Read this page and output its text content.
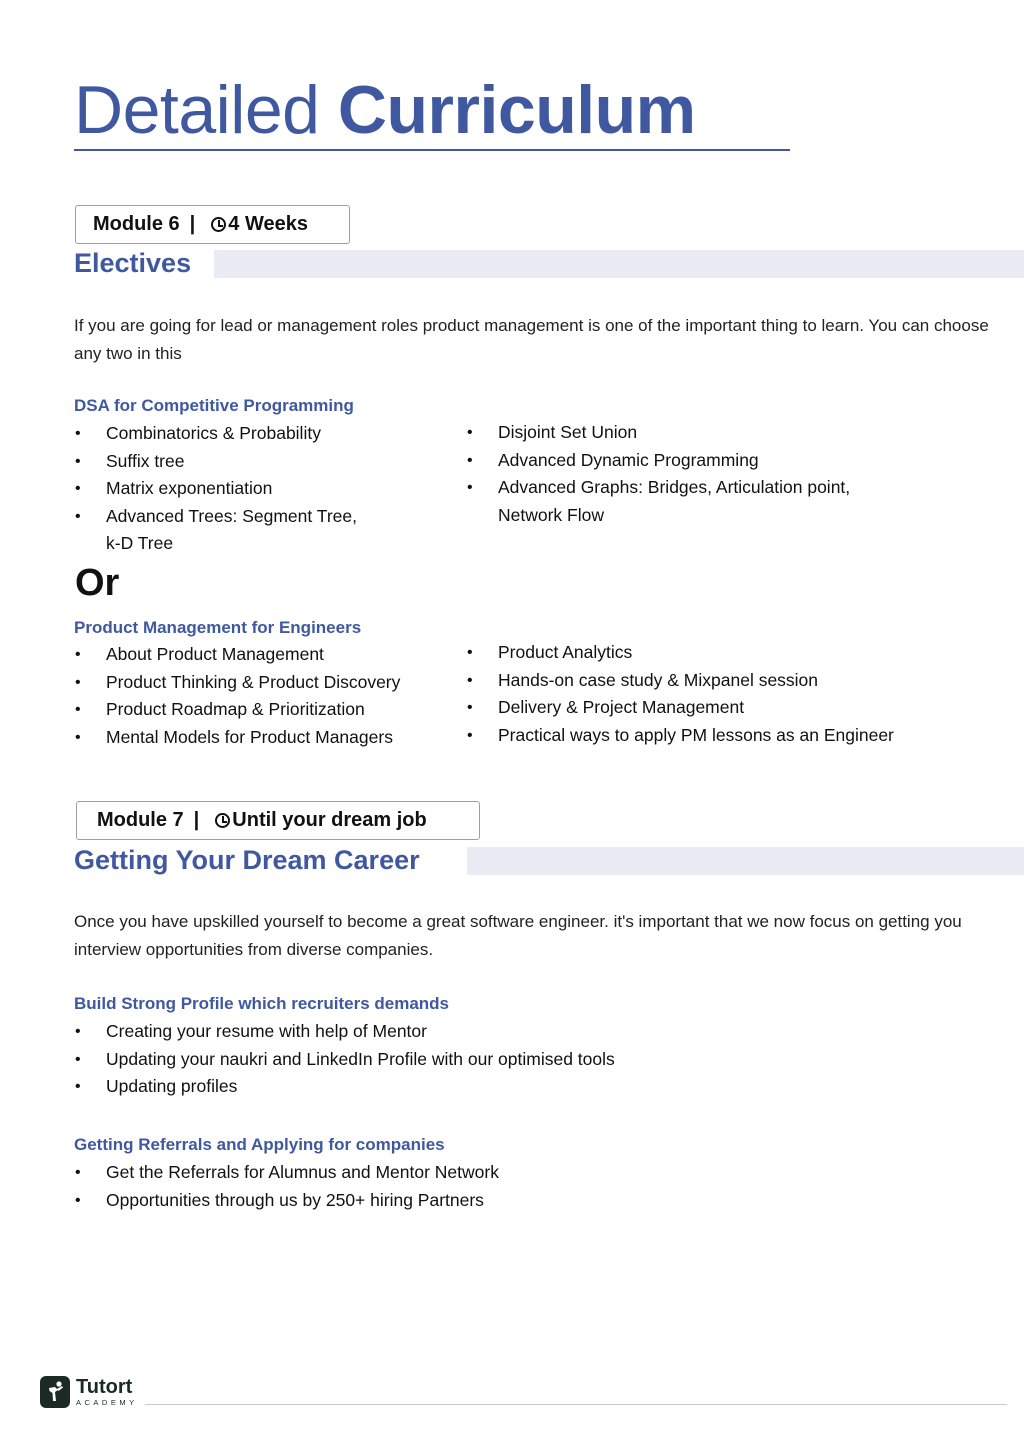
Detailed Curriculum
Module 6 | 4 Weeks
Electives

If you are going for lead or management roles product management is one of the important thing to learn. You can choose any two in this

DSA for Competitive Programming
• Combinatorics & Probability
• Suffix tree
• Matrix exponentiation
• Advanced Trees: Segment Tree, k-D Tree
• Disjoint Set Union
• Advanced Dynamic Programming
• Advanced Graphs: Bridges, Articulation point, Network Flow
Or
Product Management for Engineers
• About Product Management
• Product Thinking & Product Discovery
• Product Roadmap & Prioritization
• Mental Models for Product Managers
• Product Analytics
• Hands-on case study & Mixpanel session
• Delivery & Project Management
• Practical ways to apply PM lessons as an Engineer
Module 7 | Until your dream job
Getting Your Dream Career

Once you have upskilled yourself to become a great software engineer. it's important that we now focus on getting you interview opportunities from diverse companies.

Build Strong Profile which recruiters demands
• Creating your resume with help of Mentor
• Updating your naukri and LinkedIn Profile with our optimised tools
• Updating profiles
Getting Referrals and Applying for companies
• Get the Referrals for Alumnus and Mentor Network
• Opportunities through us by 250+ hiring Partners
Tutort
ACADEMY
